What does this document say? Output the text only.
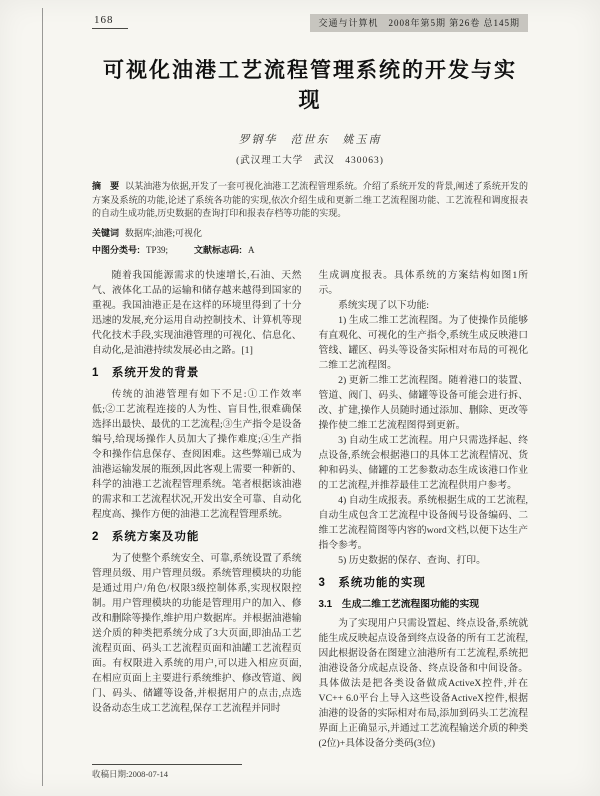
168	交通与计算机　2008年第5期 第26卷 总145期
可视化油港工艺流程管理系统的开发与实现
罗钢华　范世东　姚玉南
(武汉理工大学　武汉　430063)
摘　要 以某油港为依据,开发了一套可视化油港工艺流程管理系统。介绍了系统开发的背景,阐述了系统开发的方案及系统的功能,论述了系统各功能的实现,依次介绍生成和更新二维工艺流程图功能、工艺流程和调度报表的自动生成功能,历史数据的查询打印和报表存档等功能的实现。
关键词 数据库;油港;可视化
中图分类号: TP39;	文献标志码: A

随着我国能源需求的快速增长,石油、天然气、液体化工品的运输和储存越来越得到国家的重视。我国油港正是在这样的环境里得到了十分迅速的发展,充分运用自动控制技术、计算机等现代化技术手段,实现油港管理的可视化、信息化、自动化,是油港持续发展必由之路。[1]

1　系统开发的背景

传统的油港管理有如下不足:①工作效率低;②工艺流程连接的人为性、盲目性,很难确保选择出最快、最优的工艺流程;③生产指令是设备编号,给现场操作人员加大了操作难度;④生产指令和操作信息保存、查阅困难。这些弊端已成为油港运输发展的瓶颈,因此客观上需要一种新的、科学的油港工艺流程管理系统。笔者根据该油港的需求和工艺流程状况,开发出安全可靠、自动化程度高、操作方便的油港工艺流程管理系统。

2　系统方案及功能

为了使整个系统安全、可靠,系统设置了系统管理员级、用户管理员级。系统管理模块的功能是通过用户/角色/权限3级控制体系,实现权限控制。用户管理模块的功能是管理用户的加入、修改和删除等操作,维护用户数据库。并根据油港输送介质的种类把系统分成了3大页面,即油品工艺流程页面、码头工艺流程页面和油罐工艺流程页面。有权限进入系统的用户,可以进入相应页面,在相应页面上主要进行系统维护、修改管道、阀门、码头、储罐等设备,并根据用户的点击,点选设备动态生成工艺流程,保存工艺流程并同时

生成调度报表。具体系统的方案结构如图1所示。

系统实现了以下功能:

1) 生成二维工艺流程图。为了使操作员能够有直观化、可视化的生产指令,系统生成反映港口管线、罐区、码头等设备实际相对布局的可视化二维工艺流程图。

2) 更新二维工艺流程图。随着港口的装置、管道、阀门、码头、储罐等设备可能会进行拆、改、扩建,操作人员随时通过添加、删除、更改等操作使二维工艺流程图得到更新。

3) 自动生成工艺流程。用户只需选择起、终点设备,系统会根据港口的具体工艺流程情况、货种和码头、储罐的工艺参数动态生成该港口作业的工艺流程,并推荐最佳工艺流程供用户参考。

4) 自动生成报表。系统根据生成的工艺流程,自动生成包含工艺流程中设备阀号设备编码、二维工艺流程简图等内容的word文档,以便下达生产指令参考。

5) 历史数据的保存、查询、打印。

3　系统功能的实现
3.1　生成二维工艺流程图功能的实现

为了实现用户只需设置起、终点设备,系统就能生成反映起点设备到终点设备的所有工艺流程,因此根据设备在图建立油港所有工艺流程,系统把油港设备分成起点设备、终点设备和中间设备。具体做法是把各类设备做成ActiveX控件,并在VC++ 6.0平台上导入这些设备ActiveX控件,根据油港的设备的实际相对布局,添加到码头工艺流程界面上正确显示,并通过工艺流程输送介质的种类(2位)+具体设备分类码(3位)

收稿日期:2008-07-14
